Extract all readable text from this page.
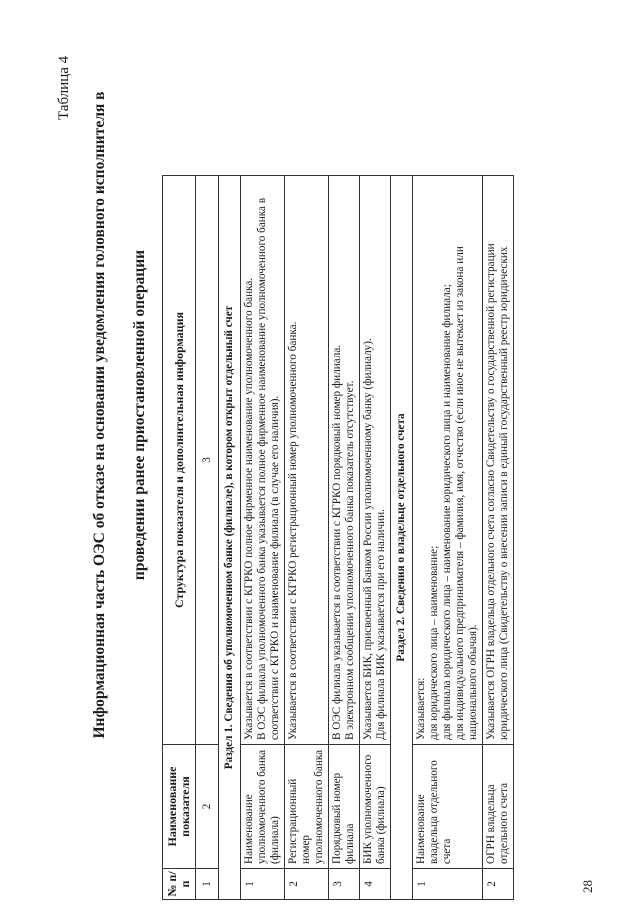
Таблица 4
Информационная часть ОЭС об отказе на основании уведомления головного исполнителя в проведении ранее приостановленной операции
№ п/п	Наименование показателя	Структура показателя и дополнительная информация
1	2	3
Раздел 1. Сведения об уполномоченном банке (филиале), в котором открыт отдельный счет		
1	Наименование уполномоченного банка (филиала)	Указывается в соответствии с КГРКО полное фирменное наименование уполномоченного банка. В ОЭС филиала уполномоченного банка указывается полное фирменное наименование уполномоченного банка в соответствии с КГРКО и наименование филиала (в случае его наличия).

2	Регистрационный номер уполномоченного банка	Указывается в соответствии с КГРКО регистрационный номер уполномоченного банка.

3	Порядковый номер филиала	В ОЭС филиала указывается в соответствии с КГРКО порядковый номер филиала. В электронном сообщении уполномоченного банка показатель отсутствует.

4	БИК уполномоченного банка (филиала)	Указывается БИК, присвоенный Банком России уполномоченному банку (филиалу). Для филиала БИК указывается при его наличии.

Раздел 2. Сведения о владельце отдельного счета		
1	Наименование владельца отдельного счета	Указывается: для юридического лица – наименование; для филиала юридического лица – наименование юридического лица и наименование филиала; для индивидуального предпринимателя – фамилия, имя, отчество (если иное не вытекает из закона или национального обычая).

2	ОГРН владельца отдельного счета	Указывается ОГРН владельца отдельного счета согласно Свидетельству о государственной регистрации юридического лица (Свидетельству о внесении записи в единый государственный реестр юридических
28
